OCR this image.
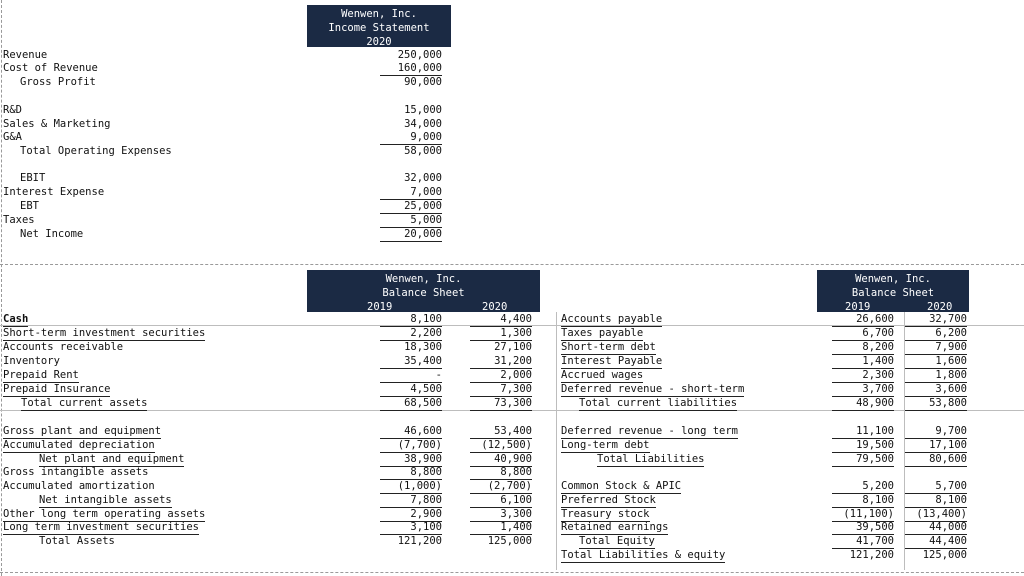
Wenwen, Inc.
Income Statement
2020
Revenue	250,000
Cost of Revenue	160,000
Gross Profit	90,000
R&D	15,000
Sales & Marketing	34,000
G&A	9,000
Total Operating Expenses	58,000
EBIT	32,000
Interest Expense	7,000
EBT	25,000
Taxes	5,000
Net Income	20,000
Wenwen, Inc.
Balance Sheet
2019	2020
Wenwen, Inc.
Balance Sheet
2019	2020
Cash	8,100	4,400
Short-term investment securities	2,200	1,300
Accounts receivable	18,300	27,100
Inventory	35,400	31,200
Prepaid Rent	-	2,000
Prepaid Insurance	4,500	7,300
Total current assets	68,500	73,300
Gross plant and equipment	46,600	53,400
Accumulated depreciation	(7,700)	(12,500)
Net plant and equipment	38,900	40,900
Gross intangible assets	8,800	8,800
Accumulated amortization	(1,000)	(2,700)
Net intangible assets	7,800	6,100
Other long term operating assets	2,900	3,300
Long term investment securities	3,100	1,400
Total Assets	121,200	125,000
Accounts payable	26,600	32,700
Taxes payable	6,700	6,200
Short-term debt	8,200	7,900
Interest Payable	1,400	1,600
Accrued wages	2,300	1,800
Deferred revenue - short-term	3,700	3,600
Total current liabilities	48,900	53,800
Deferred revenue - long term	11,100	9,700
Long-term debt	19,500	17,100
Total Liabilities	79,500	80,600
Common Stock & APIC	5,200	5,700
Preferred Stock	8,100	8,100
Treasury stock	(11,100)	(13,400)
Retained earnings	39,500	44,000
Total Equity	41,700	44,400
Total Liabilities & equity	121,200	125,000
